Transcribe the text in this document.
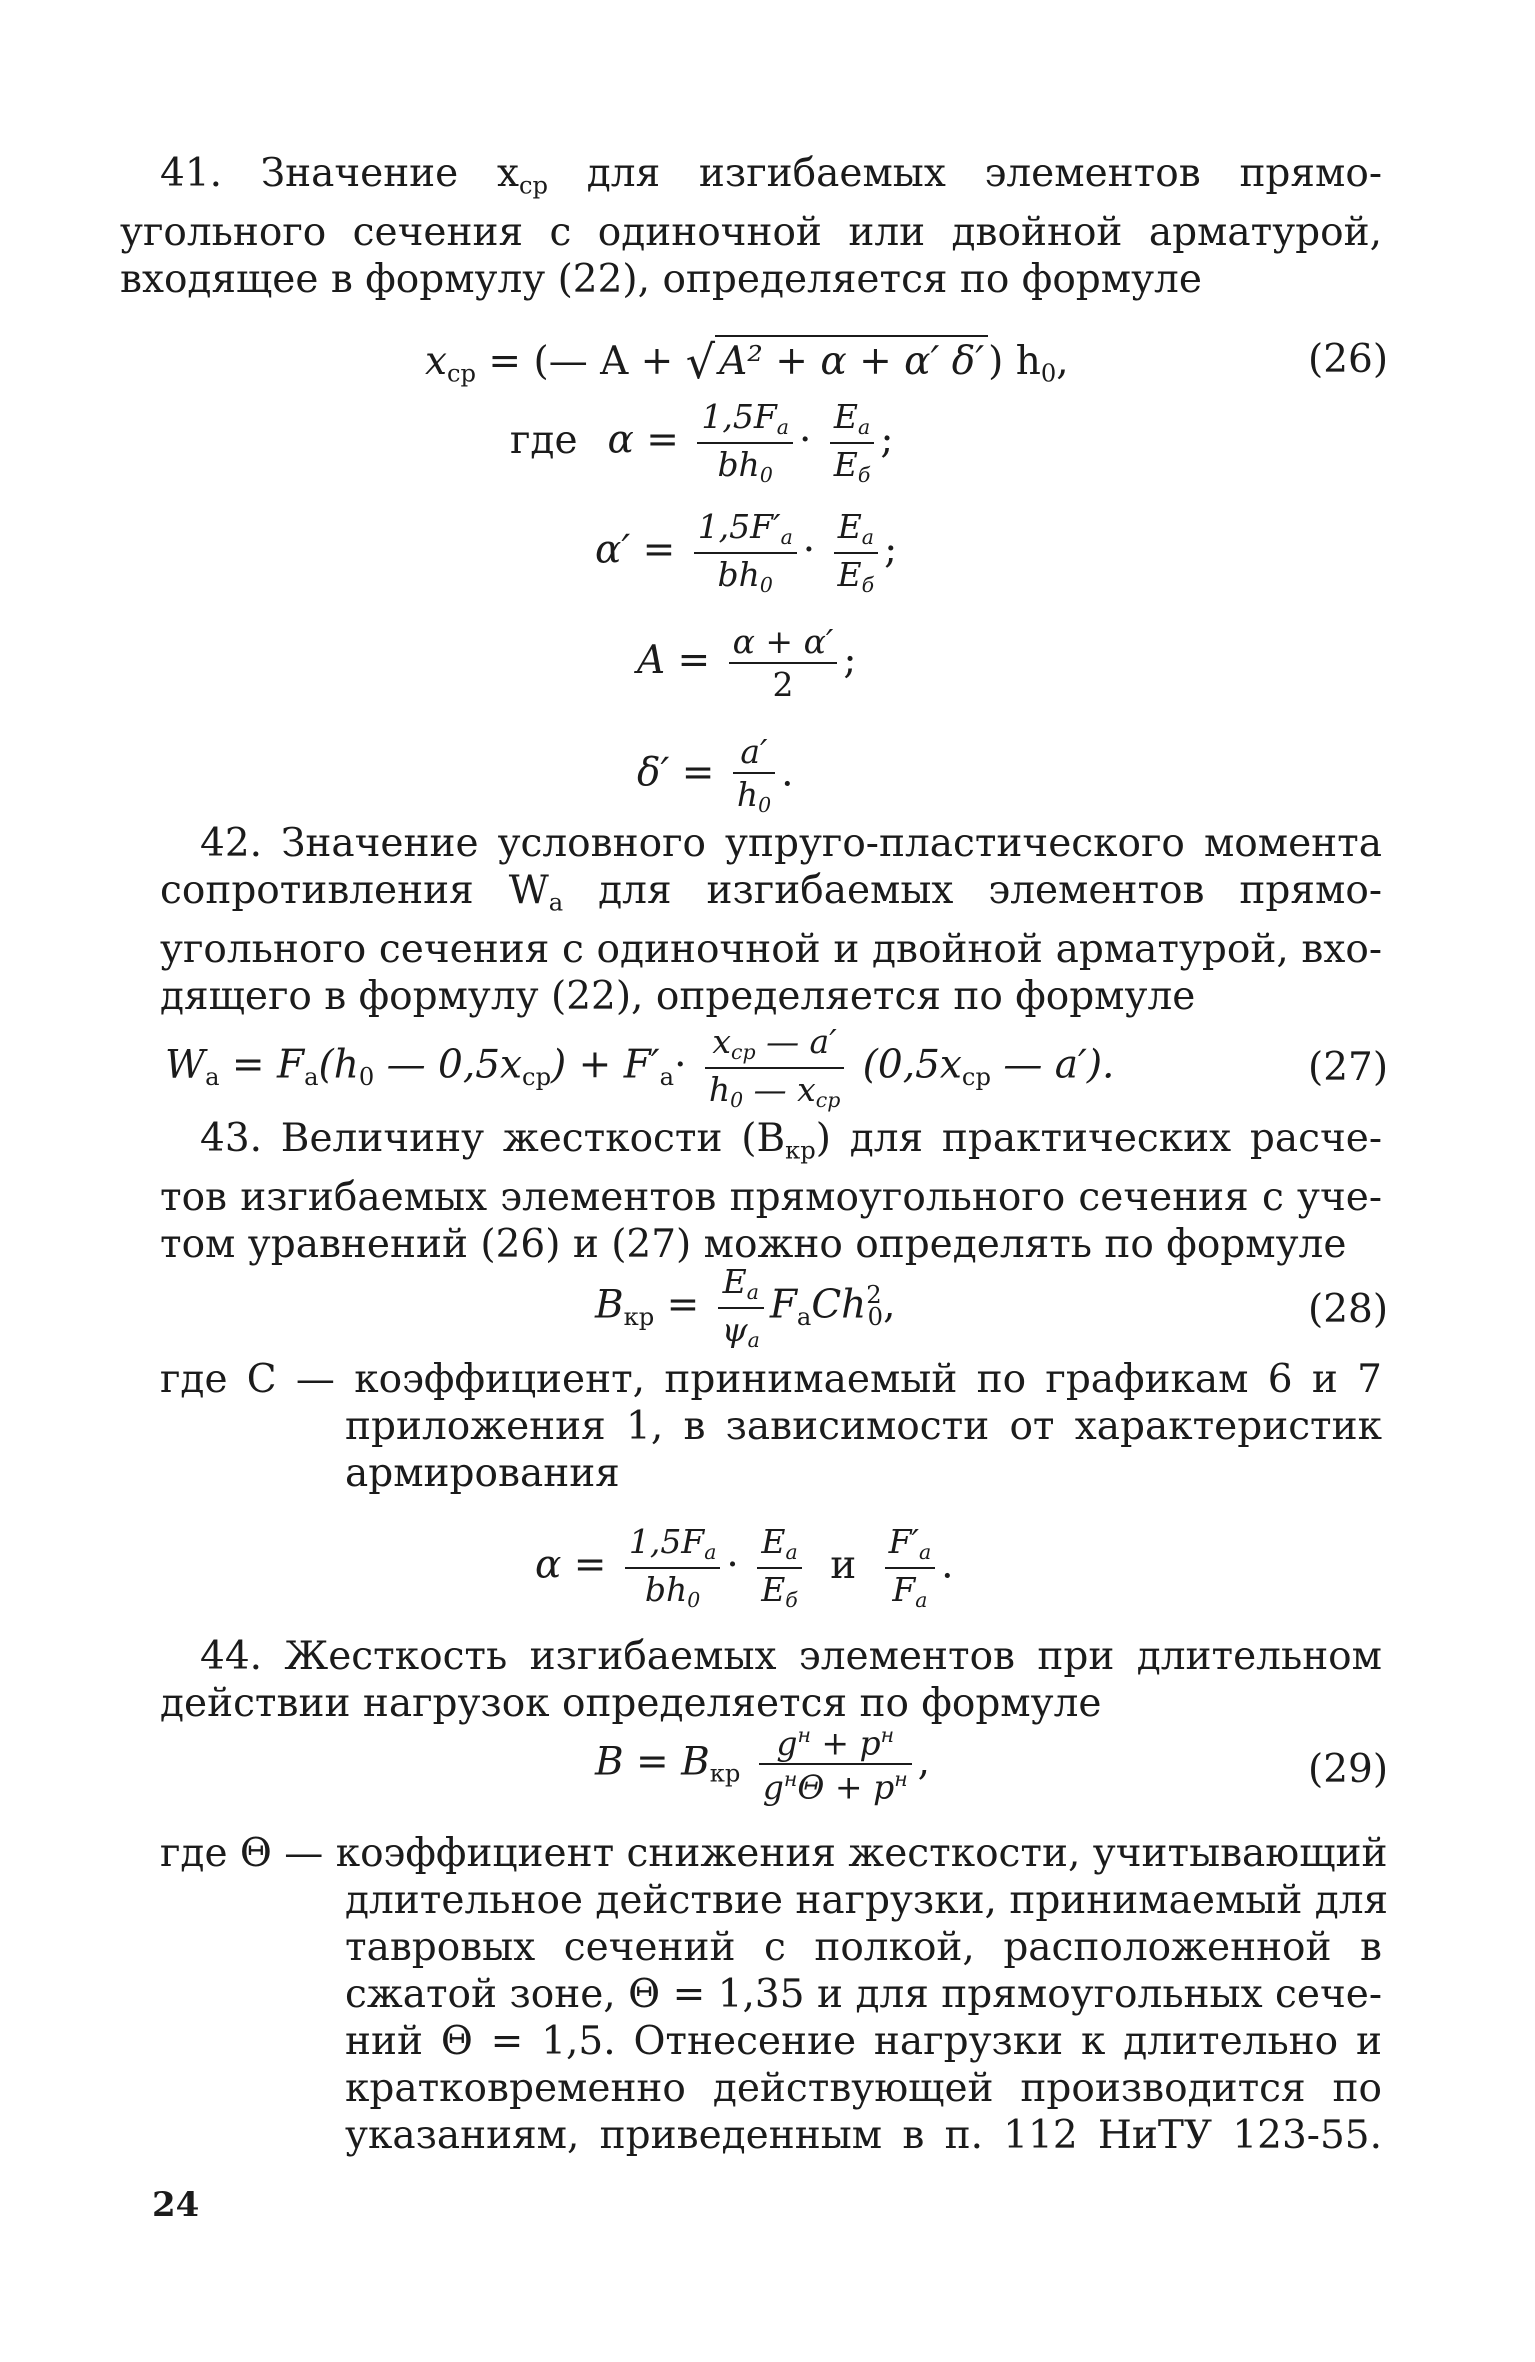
41. Значение $x_{ср}$ для изгибаемых элементов прямо-
угольного сечения с одиночной или двойной арматурой,
входящее в формулу (22), определяется по формуле
$x_{ср}$ = (— A + √ A² + α + α′ δ′ ) $h_0$,	(26)
где $\alpha = \frac{1,5F_а}{bh_0} \cdot \frac{E_а}{E_б}$ ;
$\alpha' = \frac{1,5F'_а}{bh_0} \cdot \frac{E_а}{E_б}$ ;
$A = \frac{\alpha + \alpha'}{2}$ ;
$\delta' = \frac{a'}{h_0}$ .
42. Значение условного упруго-пластического момента
сопротивления $W_а$ для изгибаемых элементов прямо-
угольного сечения с одиночной и двойной арматурой, вхо-
дящего в формулу (22), определяется по формуле
$W_а = F_а(h_0$ — $0,5x_{ср}) + F'_а\cdot \frac{x_{ср} — a'}{h_0 — x_{ср}} (0,5x_{ср}$ — a′).	(27)
43. Величину жесткости $(B_{кр})$ для практических расче-
тов изгибаемых элементов прямоугольного сечения с уче-
том уравнений (26) и (27) можно определять по формуле
$B_{кр} = \frac{E_а}{\psi_а} F_аCh^2_0$,	(28)
где C — коэффициент, принимаемый по графикам 6 и 7
приложения 1, в зависимости от характеристик
армирования
$\alpha = \frac{1,5F_а}{bh_0} \cdot \frac{E_а}{E_б}$ и $\frac{F'_а}{F_а}$ .
44. Жесткость изгибаемых элементов при длительном
действии нагрузок определяется по формуле
$B = B_{кр} \frac{g^н + p^н}{g^н\Theta + p^н}$ ,	(29)
где Θ — коэффициент снижения жесткости, учитывающий
длительное действие нагрузки, принимаемый для
тавровых сечений с полкой, расположенной в
сжатой зоне, Θ = 1,35 и для прямоугольных сече-
ний Θ = 1,5. Отнесение нагрузки к длительно и
кратковременно действующей производится по
указаниям, приведенным в п. 112 НиТУ 123-55.
24
